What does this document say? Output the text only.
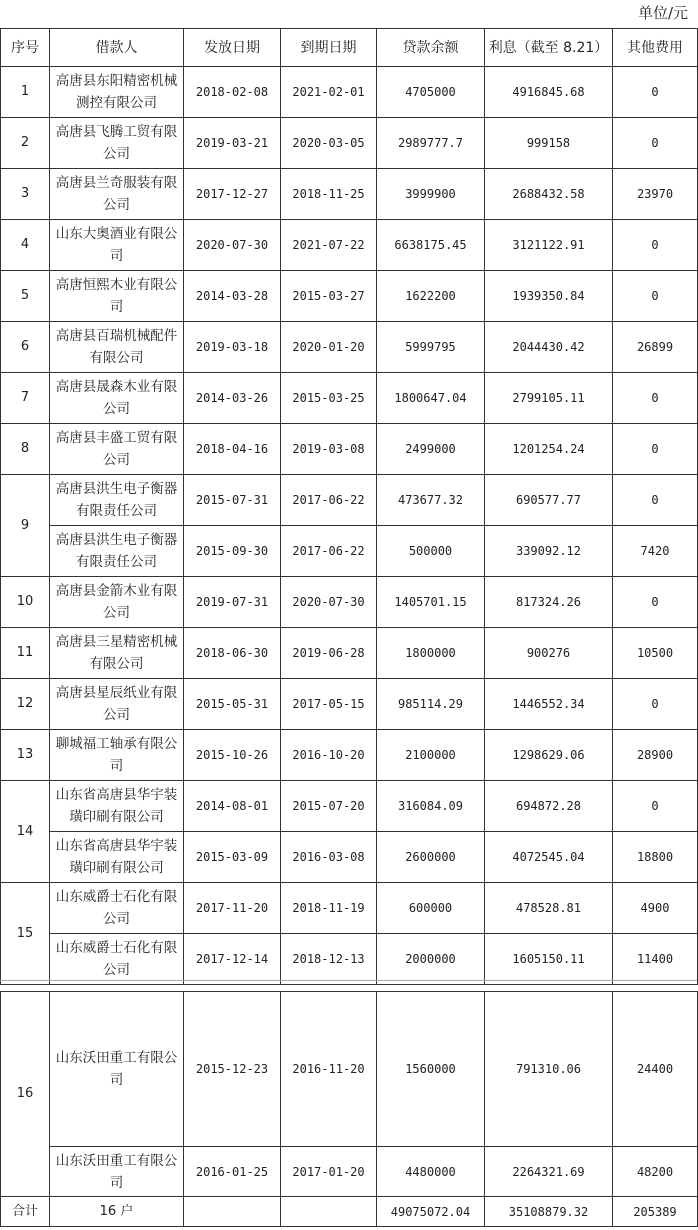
单位/元
序号	借款人	发放日期	到期日期	贷款余额	利息（截至 8.21）	其他费用
1	高唐县东阳精密机械测控有限公司	2018-02-08	2021-02-01	4705000	4916845.68	0
2	高唐县飞腾工贸有限公司	2019-03-21	2020-03-05	2989777.7	999158	0
3	高唐县兰奇服装有限公司	2017-12-27	2018-11-25	3999900	2688432.58	23970
4	山东大奥酒业有限公司	2020-07-30	2021-07-22	6638175.45	3121122.91	0
5	高唐恒熙木业有限公司	2014-03-28	2015-03-27	1622200	1939350.84	0
6	高唐县百瑞机械配件有限公司	2019-03-18	2020-01-20	5999795	2044430.42	26899
7	高唐县晟森木业有限公司	2014-03-26	2015-03-25	1800647.04	2799105.11	0
8	高唐县丰盛工贸有限公司	2018-04-16	2019-03-08	2499000	1201254.24	0
9	高唐县洪生电子衡器有限责任公司	2015-07-31	2017-06-22	473677.32	690577.77	0
	高唐县洪生电子衡器有限责任公司	2015-09-30	2017-06-22	500000	339092.12	7420
10	高唐县金箭木业有限公司	2019-07-31	2020-07-30	1405701.15	817324.26	0
11	高唐县三星精密机械有限公司	2018-06-30	2019-06-28	1800000	900276	10500
12	高唐县星辰纸业有限公司	2015-05-31	2017-05-15	985114.29	1446552.34	0
13	聊城福工轴承有限公司	2015-10-26	2016-10-20	2100000	1298629.06	28900
14	山东省高唐县华宇装璜印刷有限公司	2014-08-01	2015-07-20	316084.09	694872.28	0
	山东省高唐县华宇装璜印刷有限公司	2015-03-09	2016-03-08	2600000	4072545.04	18800
15	山东威爵士石化有限公司	2017-11-20	2018-11-19	600000	478528.81	4900
	山东威爵士石化有限公司	2017-12-14	2018-12-13	2000000	1605150.11	11400
16	山东沃田重工有限公司	2015-12-23	2016-11-20	1560000	791310.06	24400
	山东沃田重工有限公司	2016-01-25	2017-01-20	4480000	2264321.69	48200
合计	16 户			49075072.04	35108879.32	205389
